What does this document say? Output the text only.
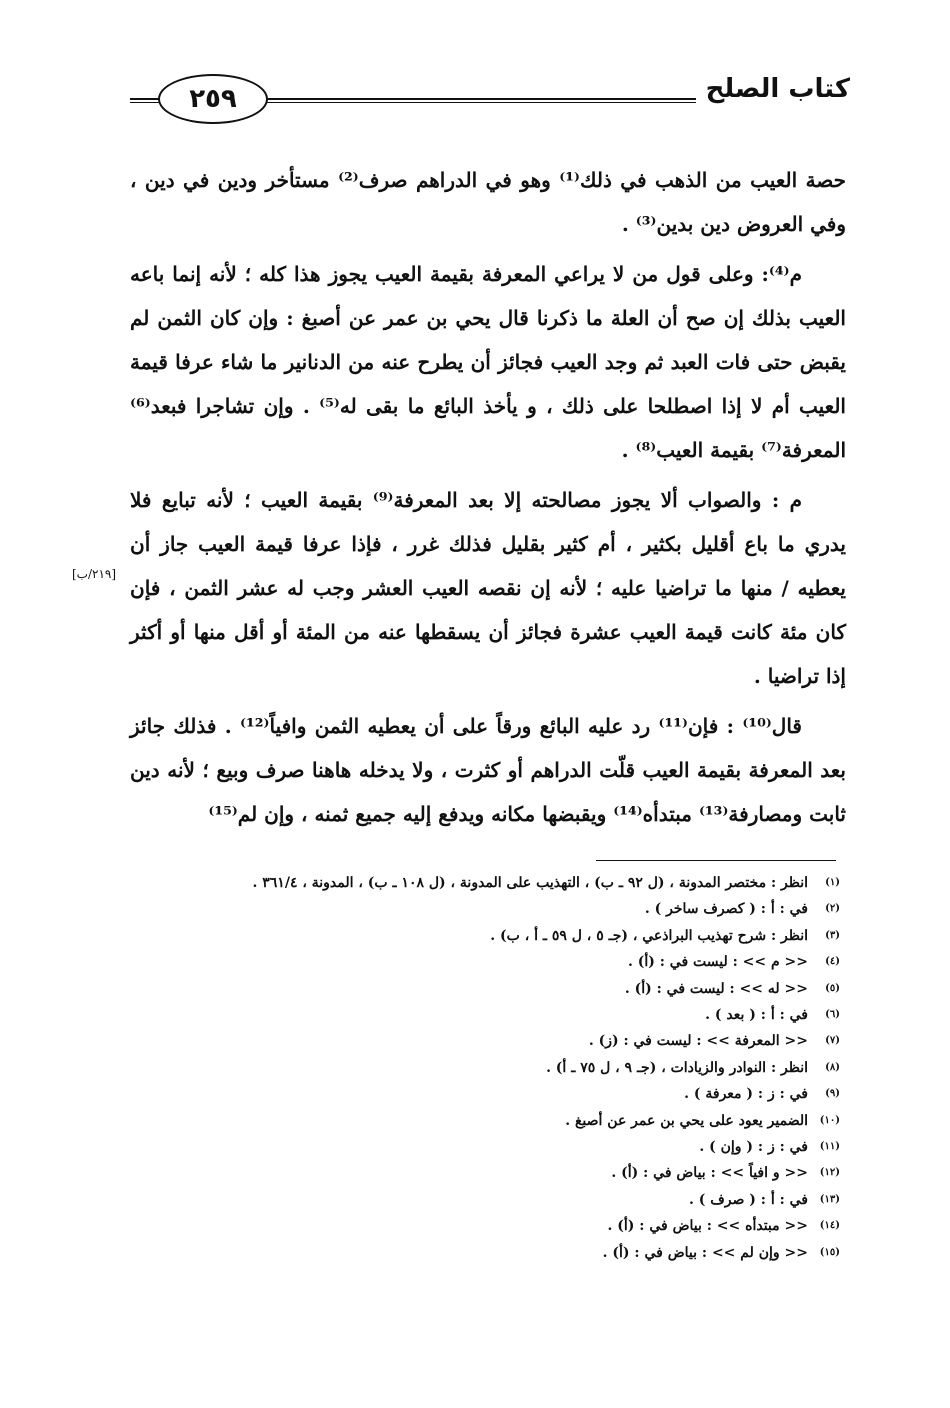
كتاب الصلح
٢٥٩

حصة العيب من الذهب في ذلك⁽¹⁾ وهو في الدراهم صرف⁽²⁾ مستأخر ودين في دين ، وفي العروض دين بدين⁽³⁾ .

م⁽⁴⁾: وعلى قول من لا يراعي المعرفة بقيمة العيب يجوز هذا كله ؛ لأنه إنما باعه العيب بذلك إن صح أن العلة ما ذكرنا قال يحي بن عمر عن أصبغ : وإن كان الثمن لم يقبض حتى فات العبد ثم وجد العيب فجائز أن يطرح عنه من الدنانير ما شاء عرفا قيمة العيب أم لا إذا اصطلحا على ذلك ، و يأخذ البائع ما بقى له⁽⁵⁾ . وإن تشاجرا فبعد⁽⁶⁾ المعرفة⁽⁷⁾ بقيمة العيب⁽⁸⁾ .

م : والصواب ألا يجوز مصالحته إلا بعد المعرفة⁽⁹⁾ بقيمة العيب ؛ لأنه تبايع فلا يدري ما باع أقليل بكثير ، أم كثير بقليل فذلك غرر ، فإذا عرفا قيمة العيب جاز أن يعطيه / منها ما تراضيا عليه ؛ لأنه إن نقصه العيب العشر وجب له عشر الثمن ، فإن كان مئة كانت قيمة العيب عشرة فجائز أن يسقطها عنه من المئة أو أقل منها أو أكثر إذا تراضيا .

قال⁽¹⁰⁾ : فإن⁽¹¹⁾ رد عليه البائع ورقاً على أن يعطيه الثمن وافياً⁽¹²⁾ . فذلك جائز بعد المعرفة بقيمة العيب قلّت الدراهم أو كثرت ، ولا يدخله هاهنا صرف وبيع ؛ لأنه دين ثابت ومصارفة⁽¹³⁾ مبتدأه⁽¹⁴⁾ ويقبضها مكانه ويدفع إليه جميع ثمنه ، وإن لم⁽¹⁵⁾

[٢١٩/ب]
(١)انظر : مختصر المدونة ، (ل ٩٢ ـ ب) ، التهذيب على المدونة ، (ل ١٠٨ ـ ب) ، المدونة ، ٣٦١/٤ .
(٢)في : أ : ( كصرف ساخر ) .
(٣)انظر : شرح تهذيب البراذعي ، (جـ ٥ ، ل ٥٩ ـ أ ، ب) .
(٤)<< م >> : ليست في : (أ) .
(٥)<< له >> : ليست في : (أ) .
(٦)في : أ : ( بعد ) .
(٧)<< المعرفة >> : ليست في : (ز) .
(٨)انظر : النوادر والزيادات ، (جـ ٩ ، ل ٧٥ ـ أ) .
(٩)في : ز : ( معرفة ) .
(١٠)الضمير يعود على يحي بن عمر عن أصبغ .
(١١)في : ز : ( وإن ) .
(١٢)<< و افياً >> : بياض في : (أ) .
(١٣)في : أ : ( صرف ) .
(١٤)<< مبتدأه >> : بياض في : (أ) .
(١٥)<< وإن لم >> : بياض في : (أ) .
